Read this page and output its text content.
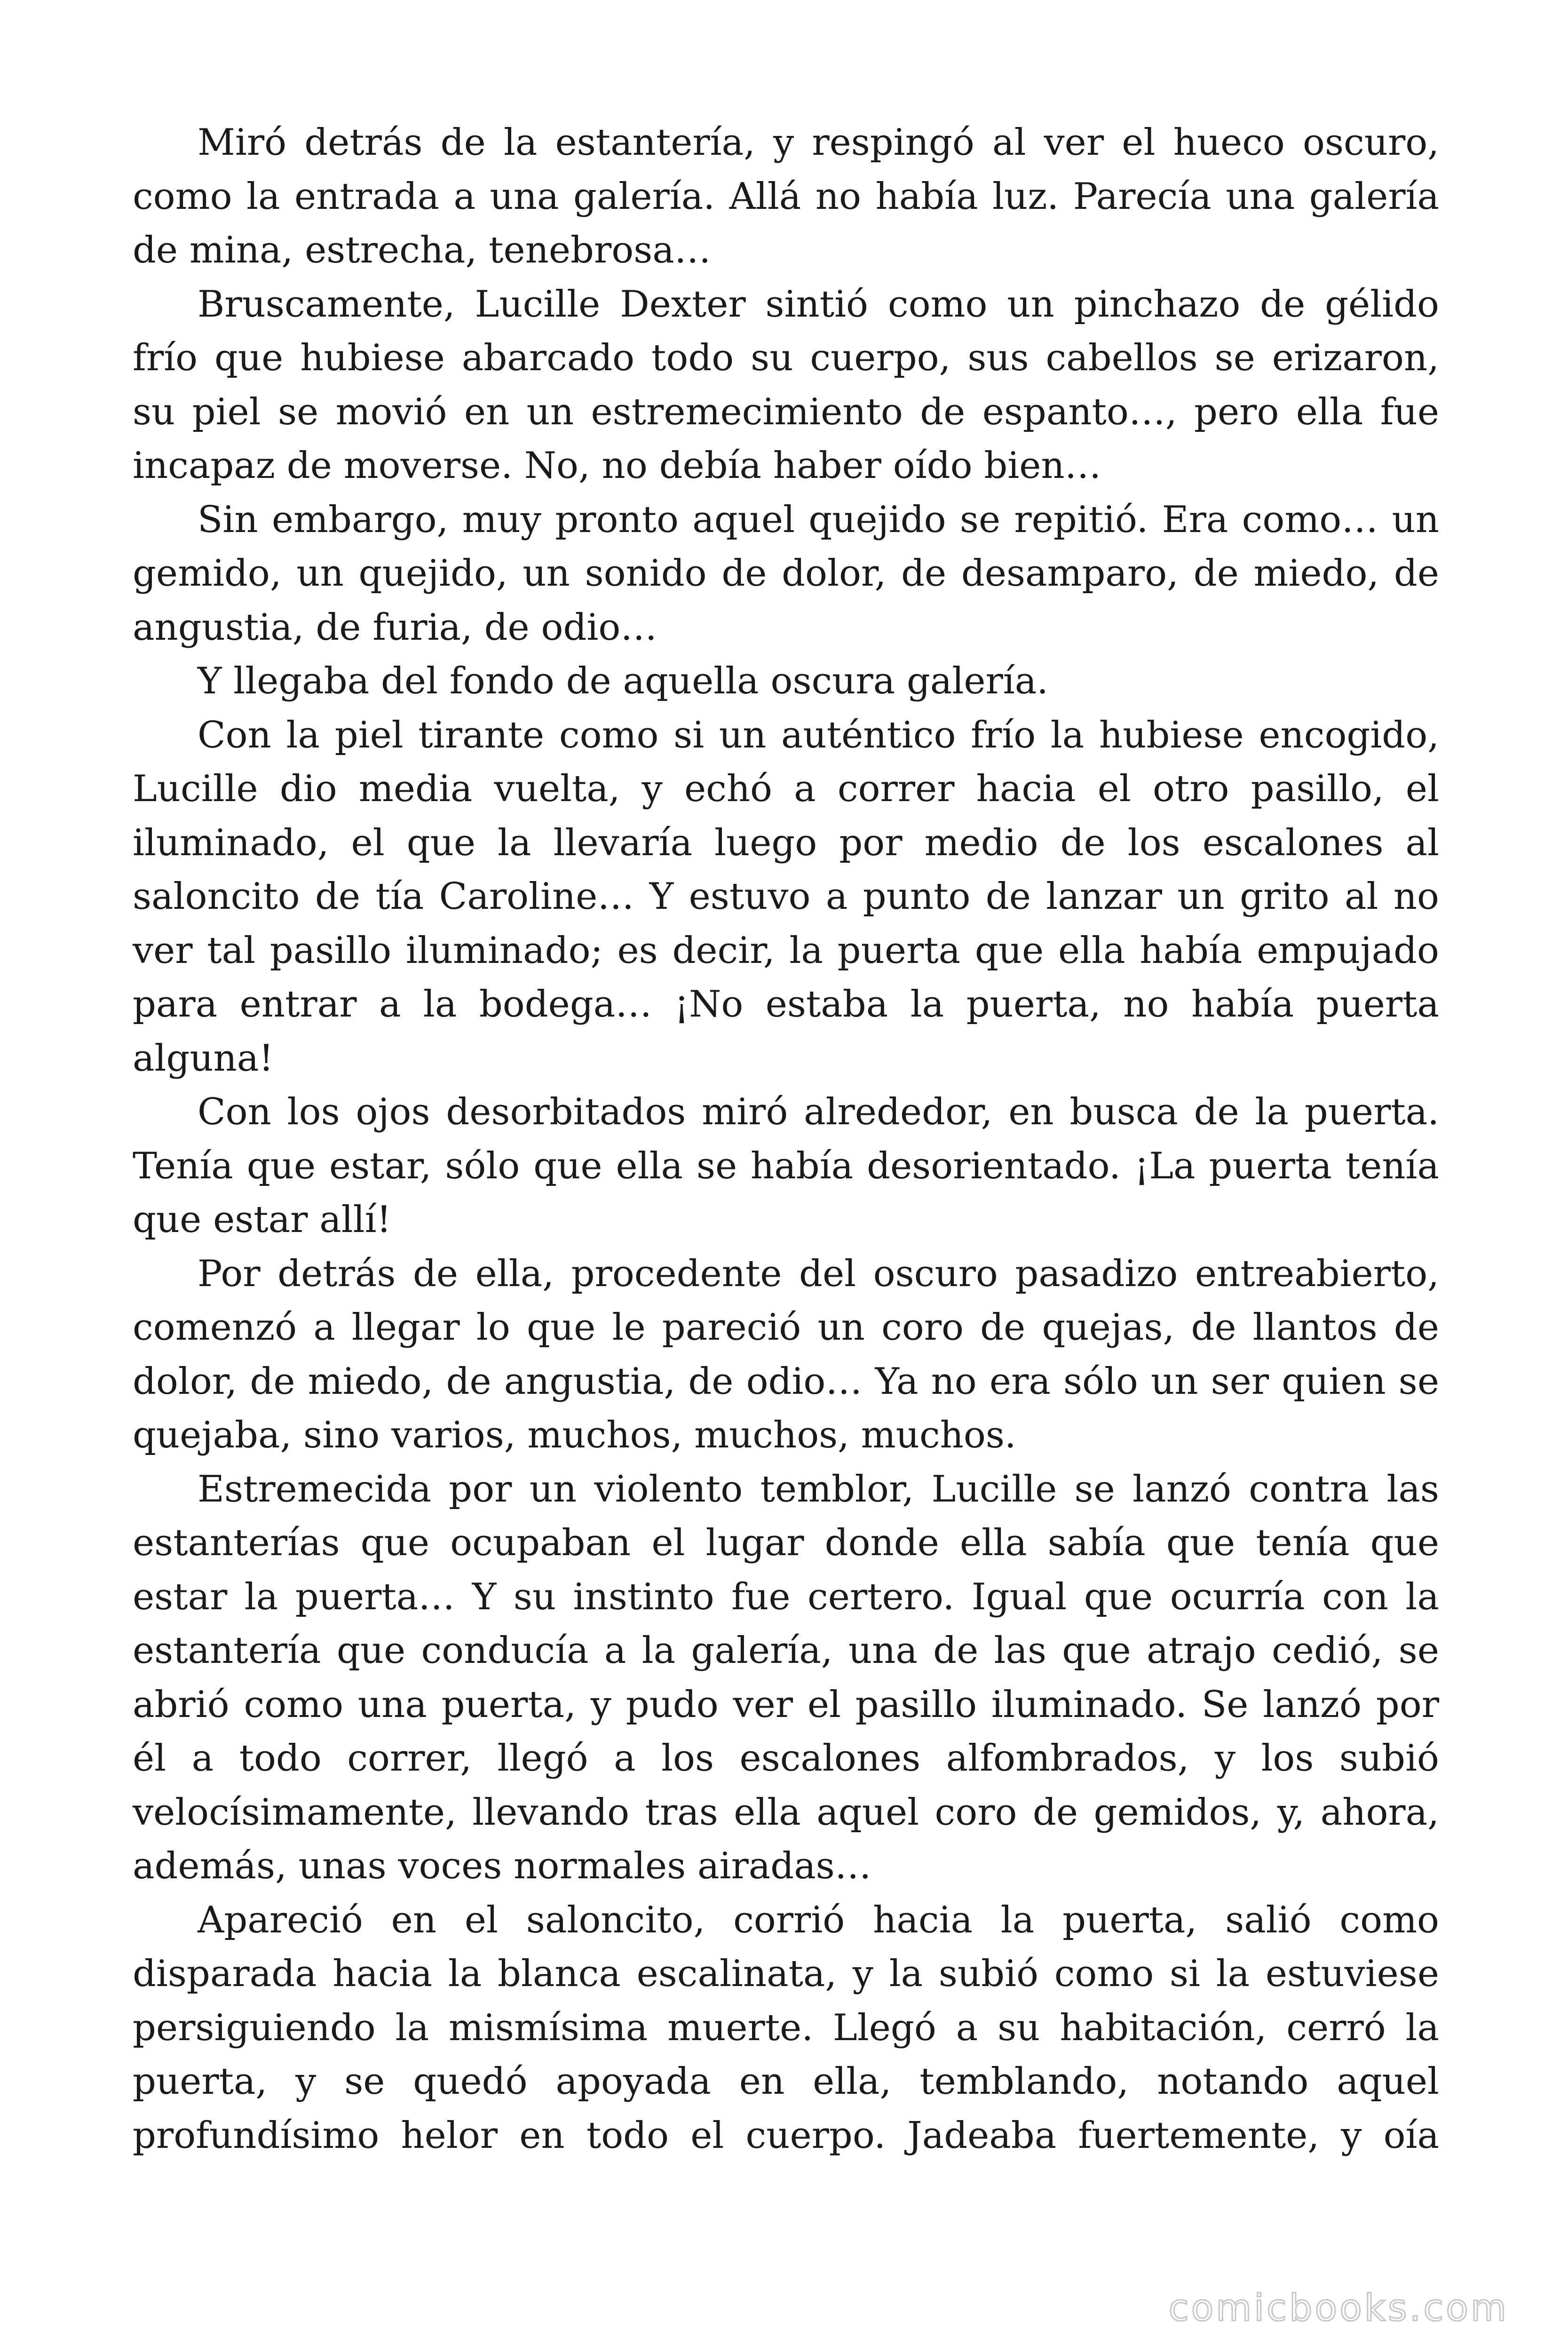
Miró detrás de la estantería, y respingó al ver el hueco oscuro, como la entrada a una galería. Allá no había luz. Parecía una galería de mina, estrecha, tenebrosa…

Bruscamente, Lucille Dexter sintió como un pinchazo de gélido frío que hubiese abarcado todo su cuerpo, sus cabellos se erizaron, su piel se movió en un estremecimiento de espanto…, pero ella fue incapaz de moverse. No, no debía haber oído bien…

Sin embargo, muy pronto aquel quejido se repitió. Era como… un gemido, un quejido, un sonido de dolor, de desamparo, de miedo, de angustia, de furia, de odio…

Y llegaba del fondo de aquella oscura galería.

Con la piel tirante como si un auténtico frío la hubiese encogido, Lucille dio media vuelta, y echó a correr hacia el otro pasillo, el iluminado, el que la llevaría luego por medio de los escalones al saloncito de tía Caroline… Y estuvo a punto de lanzar un grito al no ver tal pasillo iluminado; es decir, la puerta que ella había empujado para entrar a la bodega… ¡No estaba la puerta, no había puerta alguna!

Con los ojos desorbitados miró alrededor, en busca de la puerta. Tenía que estar, sólo que ella se había desorientado. ¡La puerta tenía que estar allí!

Por detrás de ella, procedente del oscuro pasadizo entreabierto, comenzó a llegar lo que le pareció un coro de quejas, de llantos de dolor, de miedo, de angustia, de odio… Ya no era sólo un ser quien se quejaba, sino varios, muchos, muchos, muchos.

Estremecida por un violento temblor, Lucille se lanzó contra las estanterías que ocupaban el lugar donde ella sabía que tenía que estar la puerta… Y su instinto fue certero. Igual que ocurría con la estantería que conducía a la galería, una de las que atrajo cedió, se abrió como una puerta, y pudo ver el pasillo iluminado. Se lanzó por él a todo correr, llegó a los escalones alfombrados, y los subió velocísimamente, llevando tras ella aquel coro de gemidos, y, ahora, además, unas voces normales airadas…

Apareció en el saloncito, corrió hacia la puerta, salió como disparada hacia la blanca escalinata, y la subió como si la estuviese persiguiendo la mismísima muerte. Llegó a su habitación, cerró la puerta, y se quedó apoyada en ella, temblando, notando aquel profundísimo helor en todo el cuerpo. Jadeaba fuertemente, y oía

comicbooks.com
